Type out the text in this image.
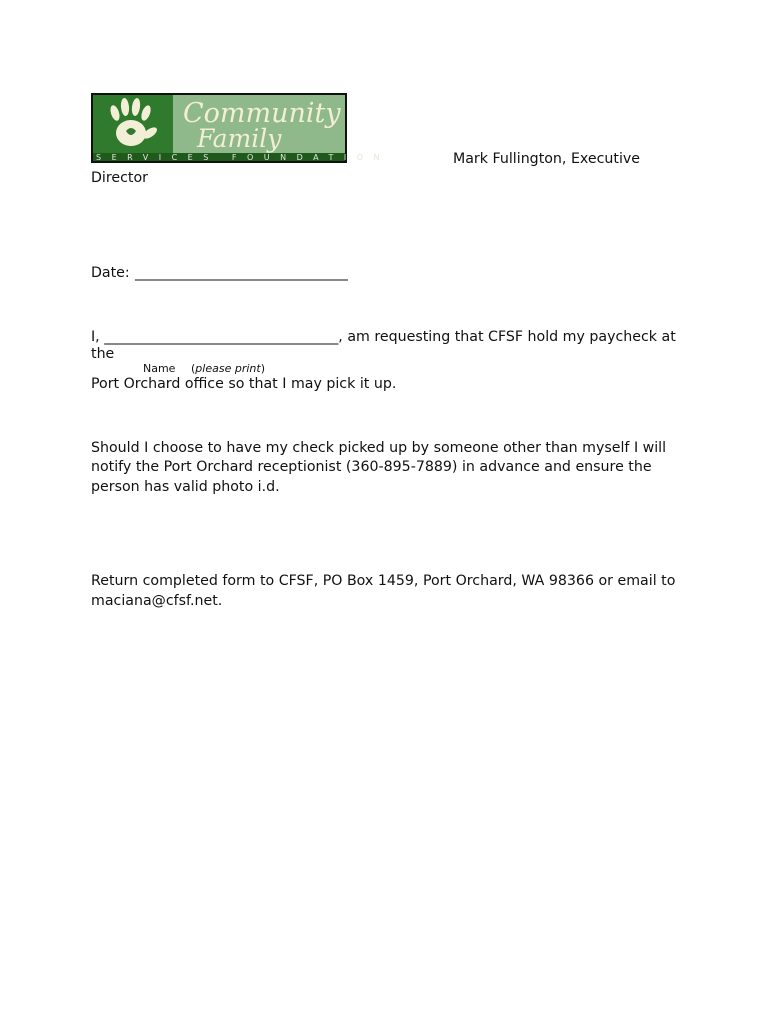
Community
Family
SERVICES FOUNDATION	Mark Fullington, Executive

Director

Date: ______________________________

I, _________________________________, am requesting that CFSF hold my paycheck at

the

Name (please print)

Port Orchard office so that I may pick it up.

Should I choose to have my check picked up by someone other than myself I will

notify the Port Orchard receptionist (360-895-7889) in advance and ensure the

person has valid photo i.d.

Return completed form to CFSF, PO Box 1459, Port Orchard, WA 98366 or email to

maciana@cfsf.net.
